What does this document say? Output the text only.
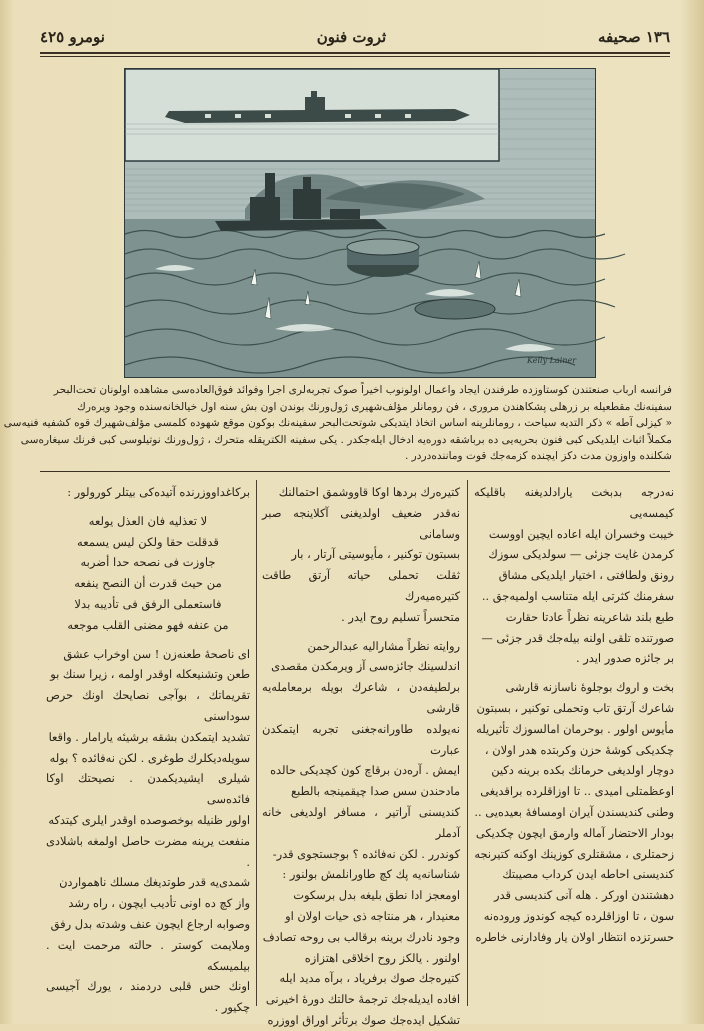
١٣٦ صحیفه
ثروت فنون
نومرو ٤٢٥
Kelly Lainer
فرانسه ارباب صنعتندن کوستاوزده طرفندن ایجاد واعمال اولونوب اخیراً صوک تجربه‌لری اجرا وفوائد فوق‌العاده‌سی مشاهده اولونان تحت‌البحر
سفینه‌نك مقطعیله بر زرهلی پشکاهندن مروری ، فن رومانلر مؤلف‌شهیری ژول‌ورنك بوندن اون بش سنه اول خیالخانه‌سنده وجود ویره‌رك
« کیزلی آطه » ذکر التدیه سیاحت ، رومانلرینه اساس اتخاذ ایتدیکی شوتحت‌البحر سفینه‌نك بوکون موقع شهوده کلمسی مؤلف‌شهیرك قوه کشفیه فنیه‌سی
مکملاً اثبات ایلدیکی کبی فنون بحریه‌یی ده برباشقه دوره‌یه ادخال ایله‌جکدر . یکی سفینه الکتریقله متحرك ، ژول‌ورنك نوتیلوسی کبی فرنك سیغاره‌سی
شکلنده واوزون مدت دکز ایچنده کزمه‌جك قوت وماننده‌دردر .

نه‌درجه بدبخت یارادلدیغنه باقلیکه کیمسه‌یی

خیبت وخسران ایله اعاده ایچین اووست

کرمدن غایت جزئی — سولدیکی سوزك

رونق ولطافتی ، اختیار ایلدیکی مشاق

سفرمنك کثرتی ایله متناسب اولمیه‌جق ..

طبع بلند شاعرینه نظراً عادتا حقارت

صورتنده تلقی اولنه بیله‌جك قدر جزئی —

بر جائزه صدور ایدر .

بخت و اروك بوجلوۀ ناسازنه قارشی

شاعرك آرتق تاب وتحملی توکنیر ، بسبتون

مأیوس اولور . بوحرمان امالسوزك تأثیریله

چکدیکی کوشۀ حزن وکربتده هدر اولان ،

دوچار اولدیغی حرمانك بکده برینه دکین

اوعظمتلی امیدی .. تا اوزاقلرده براقدیغی

وطنی کندیسندن آیران اومسافۀ بعیده‌یی ..

بودار الاحتضار آماله وارمق ایچون چکدیکی

زحمتلری ، مشقتلری کوزینك اوکنه کتیرنجه

کندیسنی احاطه ایدن کرداب مصیبتك

دهشتندن اورکر . هله آنی کندیسی قدر

سون ، تا اوزاقلرده کیجه کوندوز وروده‌نه

حسرتزده انتظار اولان یار وفادارنی خاطره

کتیره‌رك بردها اوکا قاووشمق احتمالنك

نه‌قدر ضعیف اولدیغنی آکلاینجه صبر وسامانی

بسبتون توکنیر ، مأیوسیتی آرتار ، بار

ثقلت تحملی حیاته آرتق طاقت کتیره‌میه‌رك

متحسراً تسلیم روح ایدر .

روایته نظراً مشارالیه عبدالرحمن

اندلسینك جائزه‌سی آز ویرمکدن مقصدی

برلطیفه‌دن ، شاعرك بویله برمعامله‌یه قارشی

نه‌یولده طاورانه‌جغنی تجربه ایتمکدن عبارت

ایمش . آرەدن برقاچ کون کچدیکی حالده

مادحندن سس صدا چیقمینجه بالطبع

کندیسنی آراتیر ، مسافر اولدیغی خانه آدملر

کوندرر . لکن نه‌فائده ؟ بوجستجوی قدر-

شناسانه‌یه پك کچ طاورانلمش بولنور :

اومعجز ادا نطق بلیغه بدل برسکوت

معنیدار ، هر منتاجه ذی حیات اولان او

وجود نادرك برینه برقالب بی روحه تصادف

اولنور . یالکز روح اخلاقی اهتزازه

کتیره‌جك صوك برفریاد ، برآه مدید ایله

افاده ایدیله‌جك ترجمۀ حالتك دورۀ اخیرنی

تشکیل ایده‌جك صوك برتأثر اوراق اووزره

برکاغداووزرنده آتیده‌کی بیتلر کورولور :

لا تعذلیه فان العذل یولعه

قدقلت حقا ولکن لیس یسمعه

جاوزت فی نصحه حدا أضربه

من حیث قدرت أن النصح ینفعه

فاستعملی الرفق فی تأدیبه بدلا

من عنفه فهو مضنی القلب موجعه

ای ناصحۀ طعنه‌زن ! سن اوخراب عشق

طعن وتشنیعکله اوقدر اولمه ، زیرا سنك بو

تقریماتك ، بوآجی نصایحك اونك حرص سوداسنی

تشدید ایتمکدن بشقه برشیئه یارامار . واقعا

سویله‌دیکلرك طوغری . لکن نه‌فائده ؟ بوله

شیلری ایشیدیکمدن . نصیحتك اوکا فائده‌سی

اولور ظنیله بوخصوصده اوقدر ایلری کیتدکه

منفعت یرینه مضرت حاصل اولمغه باشلادی .

شمدی‌یه قدر طوتدیغك مسلك ناهمواردن

واز کچ ده اونی تأدیب ایچون ، راه رشد

وصوابه ارجاع ایچون عنف وشدته بدل رفق

وملایمت کوستر . حالته مرحمت ایت . بیلمیسکه

اونك حس قلبی دردمند ، یورك آجیسی چکیور .
